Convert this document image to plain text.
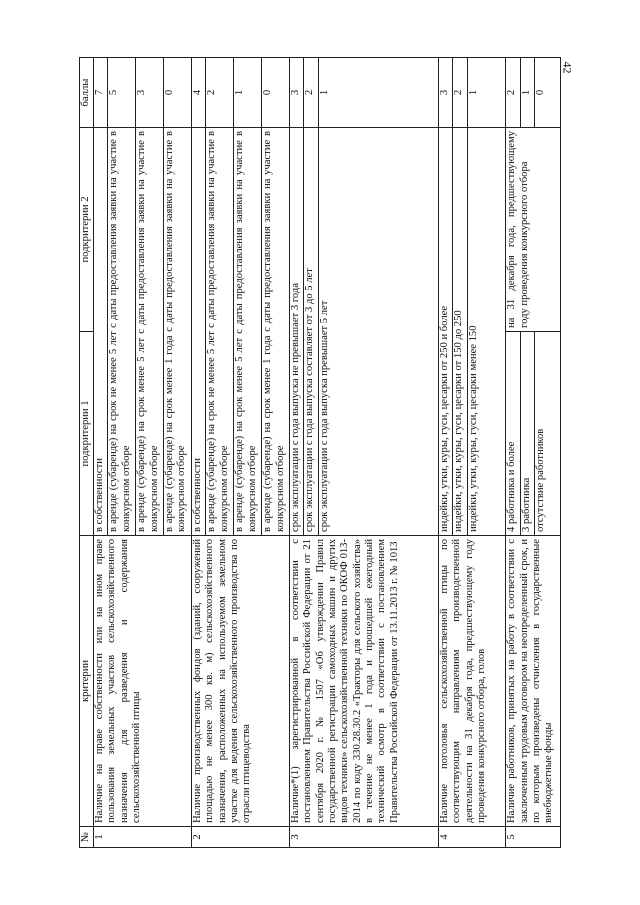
42
№	критерии	подкритерии 1	подкритерии 2	баллы
1	Наличие на праве собственности или на ином праве пользования земельных участков сельскохозяйственного назначения для разведения и содержания сельскохозяйственной птицы	в собственности		7
		в аренде (субаренде) на срок не менее 5 лет с даты предоставления заявки на участие в конкурсном отборе		5
		в аренде (субаренде) на срок менее 5 лет с даты предоставления заявки на участие в конкурсном отборе		3
		в аренде (субаренде) на срок менее 1 года с даты предоставления заявки на участие в конкурсном отборе		0
2	Наличие производственных фондов (зданий, сооружений площадью не менее 300 кв. м) сельскохозяйственного назначения, расположенных на используемом земельном участке для ведения сельскохозяйственного производства по отрасли птицеводства	в собственности		4
		в аренде (субаренде) на срок не менее 5 лет с даты предоставления заявки на участие в конкурсном отборе		2
		в аренде (субаренде) на срок менее 5 лет с даты предоставления заявки на участие в конкурсном отборе		1
		в аренде (субаренде) на срок менее 1 года с даты предоставления заявки на участие в конкурсном отборе		0
3	Наличие*(1) зарегистрированной в соответствии с постановлением Правительства Российской Федерации от 21 сентября 2020 г. № 1507 «Об утверждении Правил государственной регистрации самоходных машин и других видов техники» сельскохозяйственной техники по ОКОФ 013-2014 по коду 330.28.30.2 «Тракторы для сельского хозяйства» в течение не менее 1 года и прошедшей ежегодный технический осмотр в соответствии с постановлением Правительства Российской Федерации от 13.11.2013 г. № 1013	срок эксплуатации с года выпуска не превышает 3 года		3
		срок эксплуатации с года выпуска составляет от 3 до 5 лет		2
		срок эксплуатации с года выпуска превышает 5 лет		1
4	Наличие поголовья сельскохозяйственной птицы по соответствующим направлениям производственной деятельности на 31 декабря года, предшествующему году проведения конкурсного отбора, голов	индейки, утки, куры, гуси, цесарки от 250 и более		3
		индейки, утки, куры, гуси, цесарки от 150 до 250		2
		индейки, утки, куры, гуси, цесарки менее 150		1
5	Наличие работников, принятых на работу в соответствии с заключенным трудовым договором на неопределенный срок, и по которым произведены отчисления в государственные внебюджетные фонды	4 работника и более	на 31 декабря года, предшествующему году проведения конкурсного отбора	2
		3 работника		1
		отсутствие работников		0
